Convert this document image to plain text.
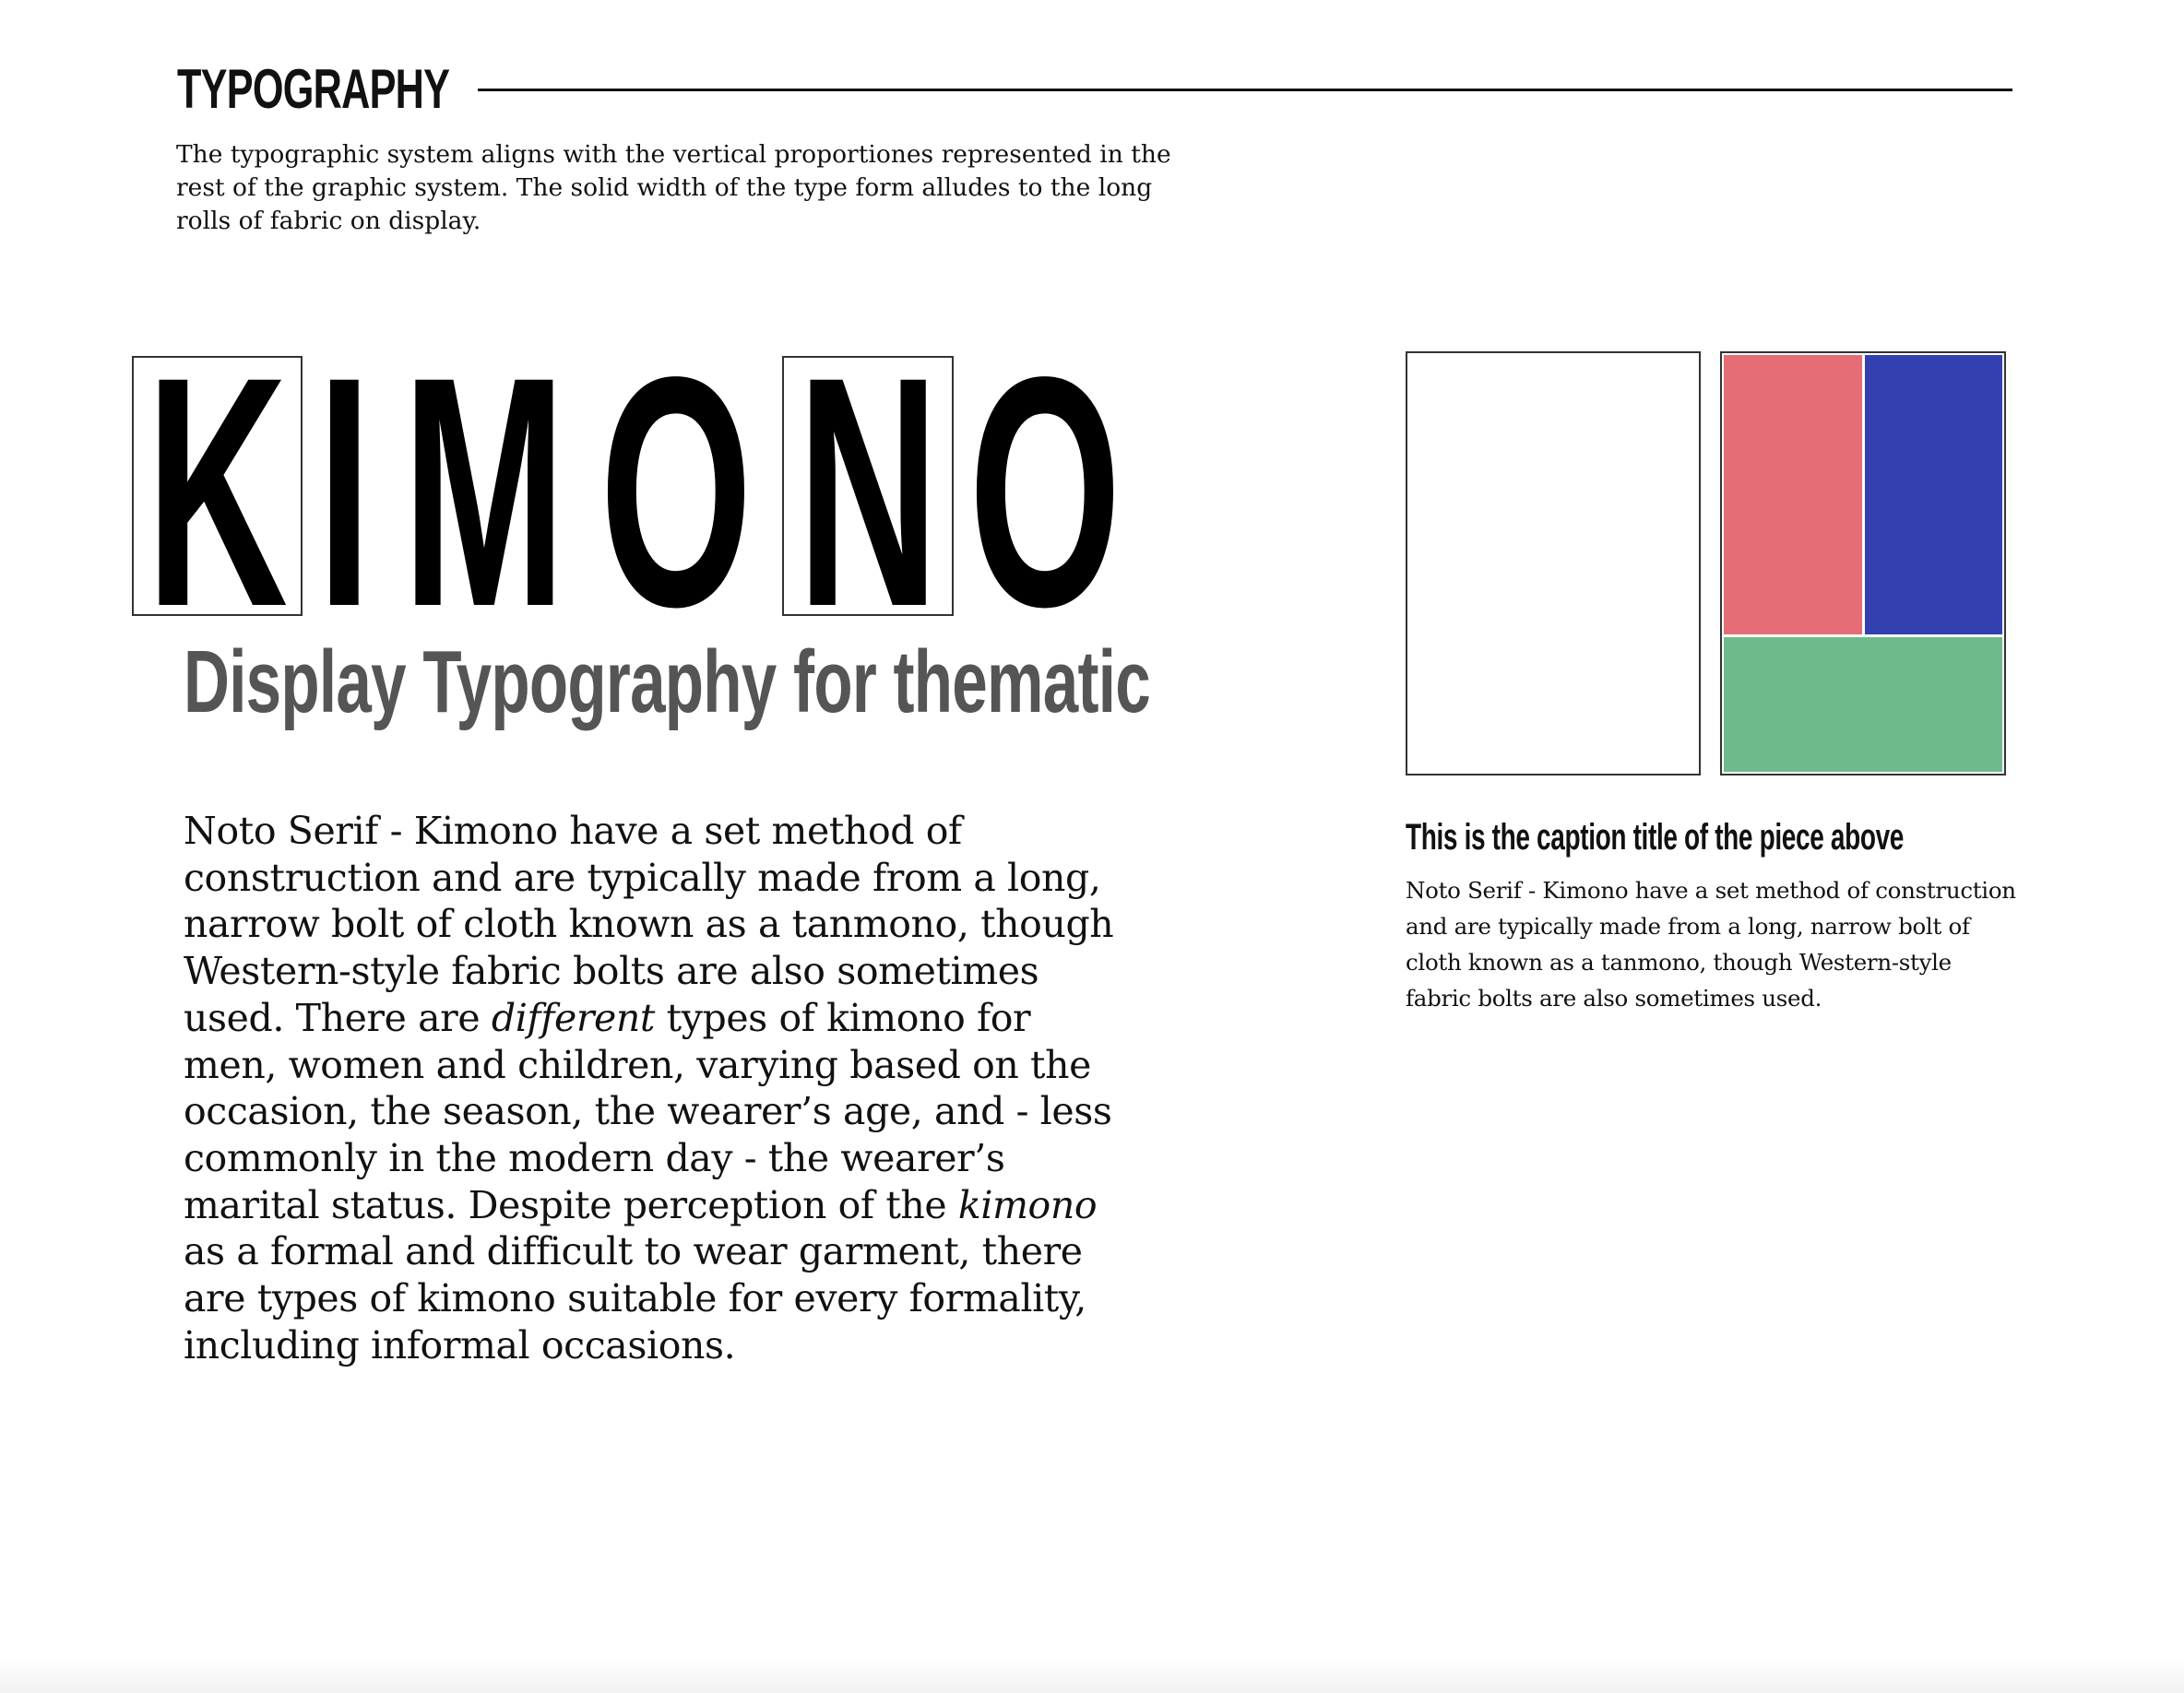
TYPOGRAPHY

The typographic system aligns with the vertical proportiones represented in the rest of the graphic system. The solid width of the type form alludes to the long rolls of fabric on display.

K I M O N O
Display Typography for thematic

Noto Serif - Kimono have a set method of construction and are typically made from a long, narrow bolt of cloth known as a tanmono, though Western-style fabric bolts are also sometimes used. There are different types of kimono for men, women and children, varying based on the occasion, the season, the wearer’s age, and - less commonly in the modern day - the wearer’s marital status. Despite perception of the kimono as a formal and difficult to wear garment, there are types of kimono suitable for every formality, including informal occasions.

This is the caption title of the piece above

Noto Serif - Kimono have a set method of construction and are typically made from a long, narrow bolt of cloth known as a tanmono, though Western-style fabric bolts are also sometimes used.
